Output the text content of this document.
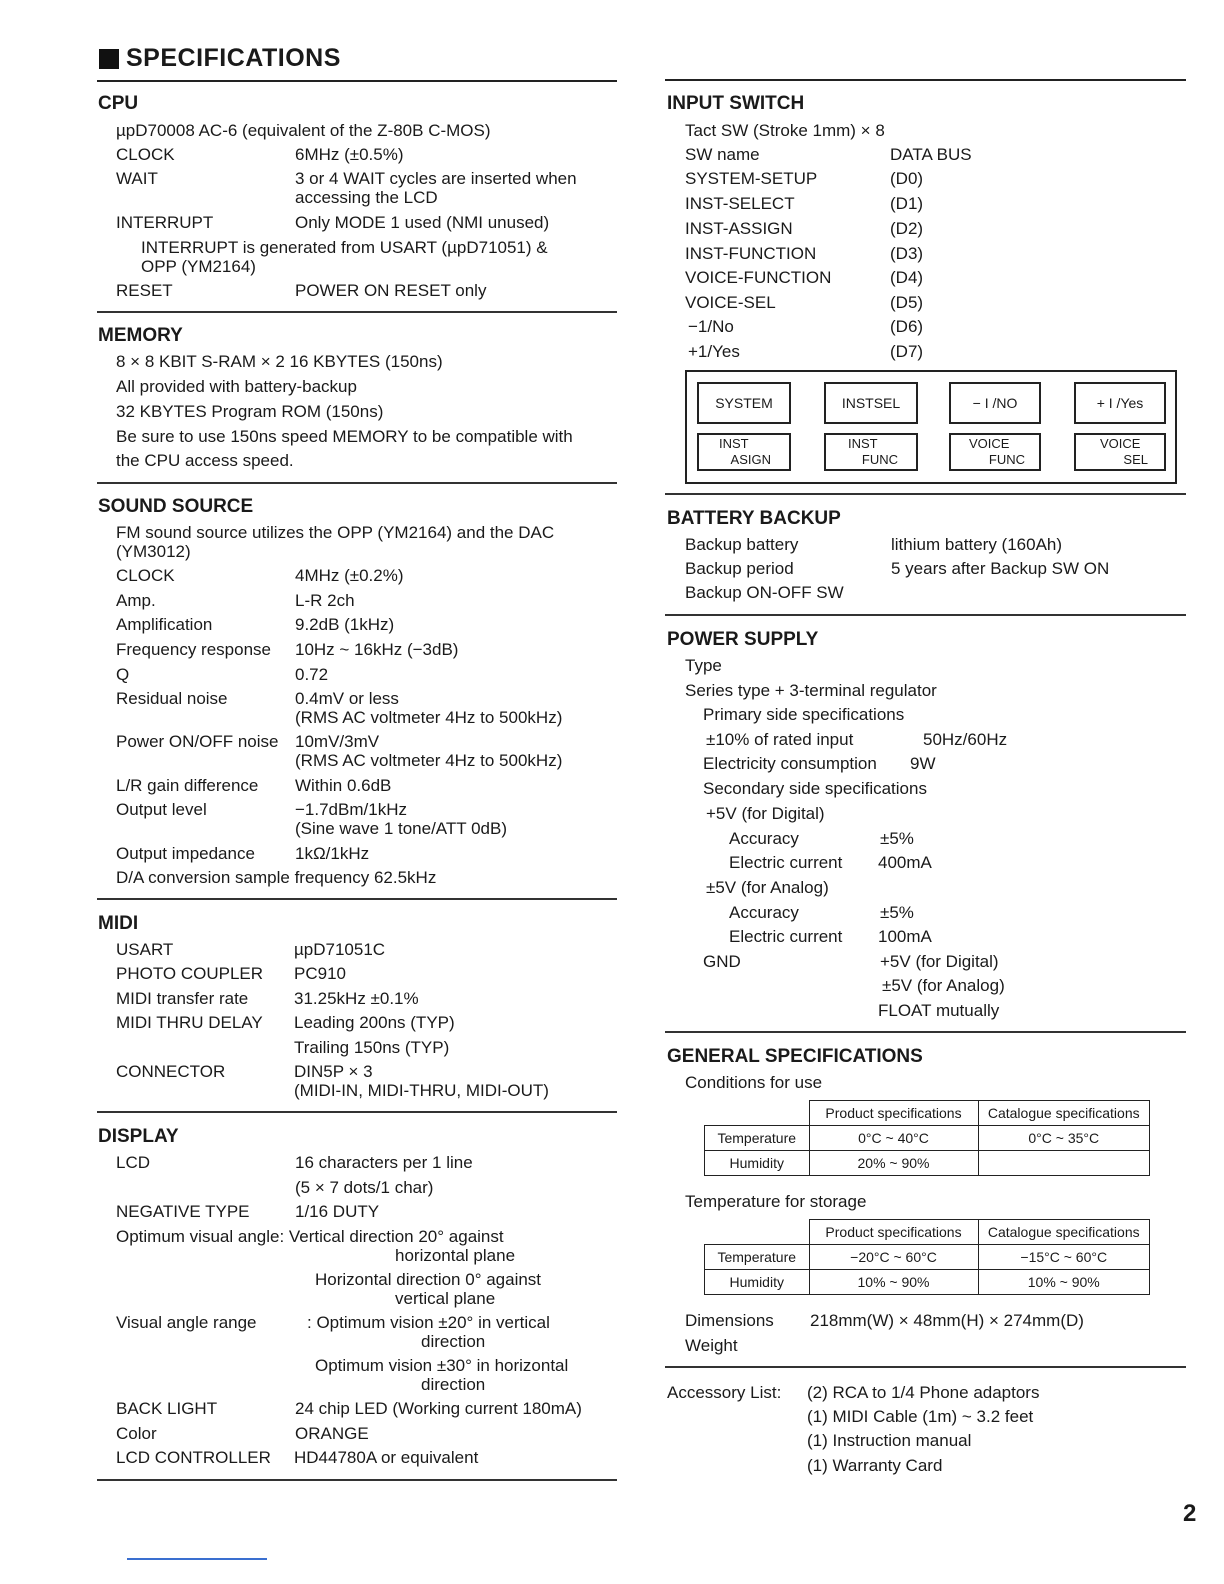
SPECIFICATIONS
CPU
µpD70008 AC-6 (equivalent of the Z-80B C-MOS)
CLOCK	6MHz (±0.5%)
WAIT	3 or 4 WAIT cycles are inserted when
accessing the LCD
INTERRUPT	Only MODE 1 used (NMI unused)
INTERRUPT is generated from USART (µpD71051) &
OPP (YM2164)
RESET	POWER ON RESET only
MEMORY
8 × 8 KBIT S-RAM × 2 16 KBYTES (150ns)
All provided with battery-backup
32 KBYTES Program ROM (150ns)
Be sure to use 150ns speed MEMORY to be compatible with
the CPU access speed.
SOUND SOURCE
FM sound source utilizes the OPP (YM2164) and the DAC
(YM3012)
CLOCK	4MHz (±0.2%)
Amp.	L-R 2ch
Amplification	9.2dB (1kHz)
Frequency response 10Hz ~ 16kHz (−3dB)
Q	0.72
Residual noise	0.4mV or less
(RMS AC voltmeter 4Hz to 500kHz)
Power ON/OFF noise 10mV/3mV
(RMS AC voltmeter 4Hz to 500kHz)
L/R gain difference Within 0.6dB
Output level	−1.7dBm/1kHz
(Sine wave 1 tone/ATT 0dB)
Output impedance 1kΩ/1kHz
D/A conversion sample frequency 62.5kHz
MIDI
USART	µpD71051C
PHOTO COUPLER PC910
MIDI transfer rate	31.25kHz ±0.1%
MIDI THRU DELAY Leading 200ns (TYP)
Trailing 150ns (TYP)
CONNECTOR	DIN5P × 3
(MIDI-IN, MIDI-THRU, MIDI-OUT)
DISPLAY
LCD	16 characters per 1 line
(5 × 7 dots/1 char)
NEGATIVE TYPE	1/16 DUTY
Optimum visual angle: Vertical direction 20° against
horizontal plane
Horizontal direction 0° against
vertical plane
Visual angle range	: Optimum vision ±20° in vertical
direction
Optimum vision ±30° in horizontal
direction
BACK LIGHT	24 chip LED (Working current 180mA)
Color	ORANGE
LCD CONTROLLER HD44780A or equivalent
INPUT SWITCH
Tact SW (Stroke 1mm) × 8
SW name	DATA BUS
SYSTEM-SETUP	(D0)
INST-SELECT	(D1)
INST-ASSIGN	(D2)
INST-FUNCTION	(D3)
VOICE-FUNCTION	(D4)
VOICE-SEL	(D5)
−1/No	(D6)
+1/Yes	(D7)
SYSTEM	INSTSEL	− I /NO	+ I /Yes
INST
ASIGN
INST
FUNC
VOICE
FUNC
VOICE
SEL
BATTERY BACKUP
Backup battery	lithium battery (160Ah)
Backup period	5 years after Backup SW ON
Backup ON-OFF SW
POWER SUPPLY
Type
Series type + 3-terminal regulator
Primary side specifications
±10% of rated input	50Hz/60Hz
Electricity consumption 9W
Secondary side specifications
+5V (for Digital)
Accuracy	±5%
Electric current 400mA
±5V (for Analog)
Accuracy	±5%
Electric current 100mA
GND	+5V (for Digital)
±5V (for Analog)
FLOAT mutually
GENERAL SPECIFICATIONS
Conditions for use
	Product specifications	Catalogue specifications
Temperature	0°C ~ 40°C	0°C ~ 35°C
Humidity	20% ~ 90%	
Temperature for storage
	Product specifications	Catalogue specifications
Temperature	−20°C ~ 60°C	−15°C ~ 60°C
Humidity	10% ~ 90%	10% ~ 90%
Dimensions 218mm(W) × 48mm(H) × 274mm(D)
Weight
Accessory List: (2) RCA to 1/4 Phone adaptors
(1) MIDI Cable (1m) ~ 3.2 feet
(1) Instruction manual
(1) Warranty Card
2
